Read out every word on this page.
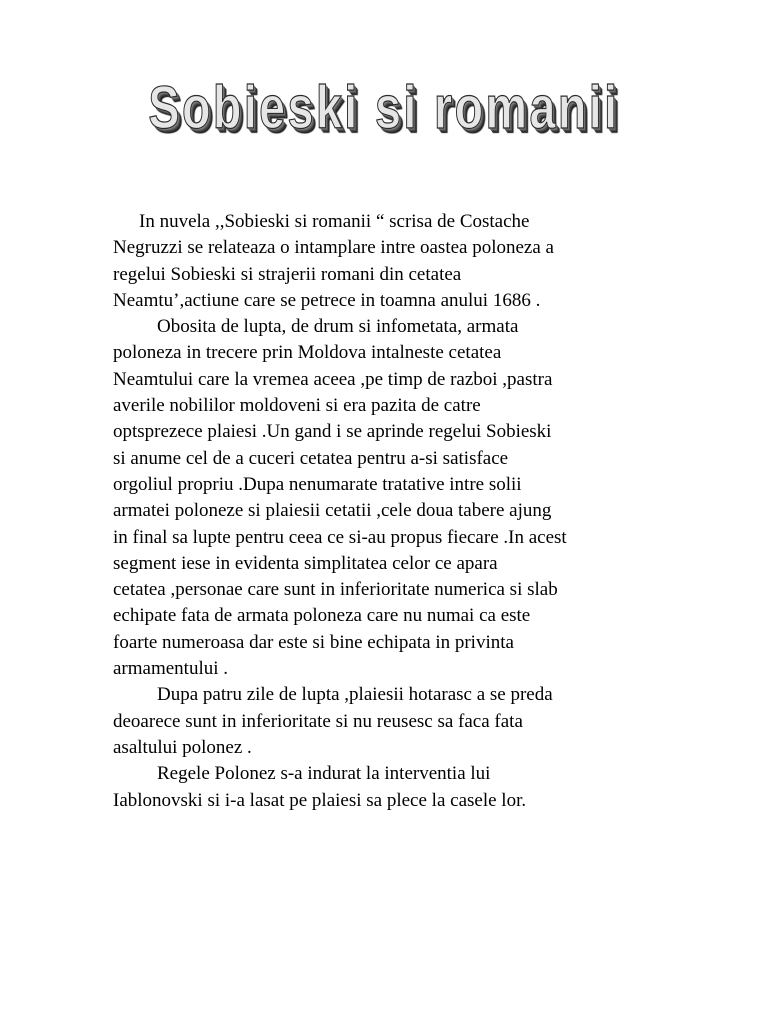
Sobieski si romanii
In nuvela ,,Sobieski si romanii “ scrisa de Costache
Negruzzi se relateaza o intamplare intre oastea poloneza a
regelui Sobieski si strajerii romani din cetatea
Neamtu’,actiune care se petrece in toamna anului 1686 .
Obosita de lupta, de drum si infometata, armata
poloneza in trecere prin Moldova intalneste cetatea
Neamtului care la vremea aceea ,pe timp de razboi ,pastra
averile nobililor moldoveni si era pazita de catre
optsprezece plaiesi .Un gand i se aprinde regelui Sobieski
si anume cel de a cuceri cetatea pentru a-si satisface
orgoliul propriu .Dupa nenumarate tratative intre solii
armatei poloneze si plaiesii cetatii ,cele doua tabere ajung
in final sa lupte pentru ceea ce si-au propus fiecare .In acest
segment iese in evidenta simplitatea celor ce apara
cetatea ,personae care sunt in inferioritate numerica si slab
echipate fata de armata poloneza care nu numai ca este
foarte numeroasa dar este si bine echipata in privinta
armamentului .
Dupa patru zile de lupta ,plaiesii hotarasc a se preda
deoarece sunt in inferioritate si nu reusesc sa faca fata
asaltului polonez .
Regele Polonez s-a indurat la interventia lui
Iablonovski si i-a lasat pe plaiesi sa plece la casele lor.
